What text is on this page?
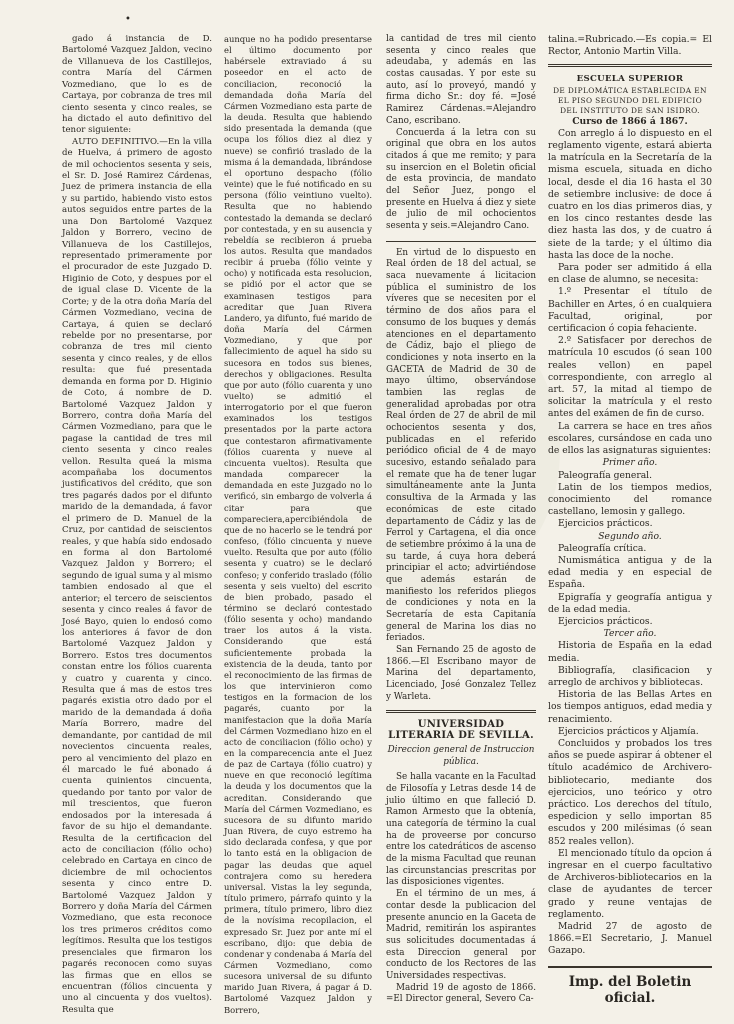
•

gado á instancia de D. Bartolomé Vazquez Jaldon, vecino de Villanueva de los Castillejos, contra María del Cármen Vozmediano, que lo es de Cartaya, por cobranza de tres mil ciento sesenta y cinco reales, se ha dictado el auto definitivo del tenor siguiente:

AUTO DEFINITIVO.—En la villa de Huelva, á primero de agosto de mil ochocientos sesenta y seis, el Sr. D. José Ramirez Cárdenas, Juez de primera instancia de ella y su partido, habiendo visto estos autos seguidos entre partes de la una Don Bartolomé Vazquez Jaldon y Borrero, vecino de Villanueva de los Castillejos, representado primeramente por el procurador de este Juzgado D. Higinio de Coto, y despues por el de igual clase D. Vicente de la Corte; y de la otra doña María del Cármen Vozmediano, vecina de Cartaya, á quien se declaró rebelde por no presentarse, por cobranza de tres mil ciento sesenta y cinco reales, y de ellos resulta: que fué presentada demanda en forma por D. Higinio de Coto, á nombre de D. Bartolomé Vazquez Jaldon y Borrero, contra doña María del Cármen Vozmediano, para que le pagase la cantidad de tres mil ciento sesenta y cinco reales vellon. Resulta queá la misma acompañaba los documentos justificativos del crédito, que son tres pagarés dados por el difunto marido de la demandada, á favor el primero de D. Manuel de la Cruz, por cantidad de seiscientos reales, y que había sido endosado en forma al don Bartolomé Vazquez Jaldon y Borrero; el segundo de igual suma y al mismo tambien endosado al que el anterior; el tercero de seiscientos sesenta y cinco reales á favor de José Bayo, quien lo endosó como los anteriores á favor de don Bartolomé Vazquez Jaldon y Borrero. Estos tres documentos constan entre los fólios cuarenta y cuatro y cuarenta y cinco. Resulta que á mas de estos tres pagarés existia otro dado por el marido de la demandada á doña María Borrero, madre del demandante, por cantidad de mil novecientos cincuenta reales, pero al vencimiento del plazo en él marcado le fué abonado á cuenta quinientos cincuenta, quedando por tanto por valor de mil trescientos, que fueron endosados por la interesada á favor de su hijo el demandante. Resulta de la certificacion del acto de conciliacion (fólio ocho) celebrado en Cartaya en cinco de diciembre de mil ochocientos sesenta y cinco entre D. Bartolomé Vazquez Jaldon y Borrero y doña María del Cármen Vozmediano, que esta reconoce los tres primeros créditos como legítimos. Resulta que los testigos presenciales que firmaron los pagarés reconocen como suyas las firmas que en ellos se encuentran (fólios cincuenta y uno al cincuenta y dos vueltos). Resulta que

aunque no ha podido presentarse el último documento por habérsele extraviado á su poseedor en el acto de conciliacion, reconoció la demandada doña María del Cármen Vozmediano esta parte de la deuda. Resulta que habiendo sido presentada la demanda (que ocupa los fólios diez al diez y nueve) se confirió traslado de la misma á la demandada, librándose el oportuno despacho (fólio veinte) que le fué notificado en su persona (fólio veintiuno vuelto). Resulta que no habiendo contestado la demanda se declaró por contestada, y en su ausencia y rebeldía se recibieron á prueba los autos. Resulta que mandados recibir á prueba (fólio veinte y ocho) y notificada esta resolucion, se pidió por el actor que se examinasen testigos para acreditar que Juan Rivera Landero, ya difunto, fué marido de doña María del Cármen Vozmediano, y que por fallecimiento de aquel ha sido su sucesora en todos sus bienes, derechos y obligaciones. Resulta que por auto (fólio cuarenta y uno vuelto) se admitió el interrogatorio por el que fueron examinados los testigos presentados por la parte actora que contestaron afirmativamente (fólios cuarenta y nueve al cincuenta vueltos). Resulta que mandada comparecer la demandada en este Juzgado no lo verificó, sin embargo de volverla á citar para que compareciera,apercibiéndola de que de no hacerlo se le tendrá por confeso, (fólio cincuenta y nueve vuelto. Resulta que por auto (fólio sesenta y cuatro) se le declaró confeso; y conferido traslado (fólio sesenta y seis vuelto) del escrito de bien probado, pasado el término se declaró contestado (fólio sesenta y ocho) mandando traer los autos á la vista. Considerando que está suficientemente probada la existencia de la deuda, tanto por el reconocimiento de las firmas de los que intervinieron como testigos en la formacion de los pagarés, cuanto por la manifestacion que la doña María del Cármen Vozmediano hizo en el acto de conciliacion (fólio ocho) y en la comparecencia ante el Juez de paz de Cartaya (fólio cuatro) y nueve en que reconoció legítima la deuda y los documentos que la acreditan. Considerando que María del Cármen Vozmediano, es sucesora de su difunto marido Juan Rivera, de cuyo estremo ha sido declarada confesa, y que por lo tanto está en la obligacion de pagar las deudas que aquel contrajera como su heredera universal. Vistas la ley segunda, título primero, párrafo quinto y la primera, título primero, libro diez de la novísima recopilacion, el expresado Sr. Juez por ante mí el escribano, dijo: que debia de condenar y condenaba á María del Cármen Vozmediano, como sucesora universal de su difunto marido Juan Rivera, á pagar á D. Bartolomé Vazquez Jaldon y Borrero,

la cantidad de tres mil ciento sesenta y cinco reales que adeudaba, y además en las costas causadas. Y por este su auto, así lo proveyó, mandó y firma dicho Sr.: doy fé. =José Ramirez Cárdenas.=Alejandro Cano, escribano.

Concuerda á la letra con su original que obra en los autos citados á que me remito; y para su insercion en el Boletin oficial de esta provincia, de mandato del Señor Juez, pongo el presente en Huelva á diez y siete de julio de mil ochocientos sesenta y seis.=Alejandro Cano.

En virtud de lo dispuesto en Real órden de 18 del actual, se saca nuevamente á licitacion pública el suministro de los víveres que se necesiten por el término de dos años para el consumo de los buques y demás atenciones en el departamento de Cádiz, bajo el pliego de condiciones y nota inserto en la GACETA de Madrid de 30 de mayo último, observándose tambien las reglas de generalidad aprobadas por otra Real órden de 27 de abril de mil ochocientos sesenta y dos, publicadas en el referido periódico oficial de 4 de mayo sucesivo, estando señalado para el remate que ha de tener lugar simultáneamente ante la Junta consultiva de la Armada y las económicas de este citado departamento de Cádiz y las de Ferrol y Cartagena, el dia once de setiembre próximo á la una de su tarde, á cuya hora deberá principiar el acto; advirtiéndose que además estarán de manifiesto los referidos pliegos de condiciones y nota en la Secretaría de esta Capitanía general de Marina los dias no feriados.

San Fernando 25 de agosto de 1866.—El Escribano mayor de Marina del departamento, Licenciado, José Gonzalez Tellez y Warleta.

UNIVERSIDAD LITERARIA DE SEVILLA.

Direccion general de Instruccion pública.

Se halla vacante en la Facultad de Filosofía y Letras desde 14 de julio último en que falleció D. Ramon Armesto que la obtenía, una categoría de término la cual ha de proveerse por concurso entre los catedráticos de ascenso de la misma Facultad que reunan las circunstancias prescritas por las disposiciones vigentes.

En el término de un mes, á contar desde la publicacion del presente anuncio en la Gaceta de Madrid, remitirán los aspirantes sus solicitudes documentadas á esta Direccion general por conducto de los Rectores de las Universidades respectivas.

Madrid 19 de agosto de 1866. =El Director general, Severo Ca-

talina.=Rubricado.—Es copia.= El Rector, Antonio Martin Villa.

ESCUELA SUPERIOR

DE DIPLOMÁTICA ESTABLECIDA EN EL PISO SEGUNDO DEL EDIFICIO DEL INSTITUTO DE SAN ISIDRO.

Curso de 1866 á 1867.

Con arreglo á lo dispuesto en el reglamento vigente, estará abierta la matrícula en la Secretaría de la misma escuela, situada en dicho local, desde el dia 16 hasta el 30 de setiembre inclusive: de doce á cuatro en los dias primeros dias, y en los cinco restantes desde las diez hasta las dos, y de cuatro á siete de la tarde; y el último dia hasta las doce de la noche.

Para poder ser admitido á ella en clase de alumno, se necesita:

1.º Presentar el título de Bachiller en Artes, ó en cualquiera Facultad, original, por certificacion ó copia fehaciente.

2.º Satisfacer por derechos de matrícula 10 escudos (ó sean 100 reales vellon) en papel correspondiente, con arreglo al art. 57, la mitad al tiempo de solicitar la matrícula y el resto antes del exámen de fin de curso.

La carrera se hace en tres años escolares, cursándose en cada uno de ellos las asignaturas siguientes:

Primer año.

Paleografía general.

Latin de los tiempos medios, conocimiento del romance castellano, lemosin y gallego.

Ejercicios prácticos.

Segundo año.

Paleografía crítica.

Numismática antigua y de la edad media y en especial de España.

Epigrafía y geografía antigua y de la edad media.

Ejercicios prácticos.

Tercer año.

Historia de España en la edad media.

Bibliografía, clasificacion y arreglo de archivos y bibliotecas.

Historia de las Bellas Artes en los tiempos antiguos, edad media y renacimiento.

Ejercicios prácticos y Aljamía.

Concluidos y probados los tres años se puede aspirar á obtener el título académico de Archivero-bibliotecario, mediante dos ejercicios, uno teórico y otro práctico. Los derechos del título, espedicion y sello importan 85 escudos y 200 milésimas (ó sean 852 reales vellon).

El mencionado título da opcion á ingresar en el cuerpo facultativo de Archiveros-bibliotecarios en la clase de ayudantes de tercer grado y reune ventajas de reglamento.

Madrid 27 de agosto de 1866.=El Secretario, J. Manuel Gazapo.

Imp. del Boletin oficial.
